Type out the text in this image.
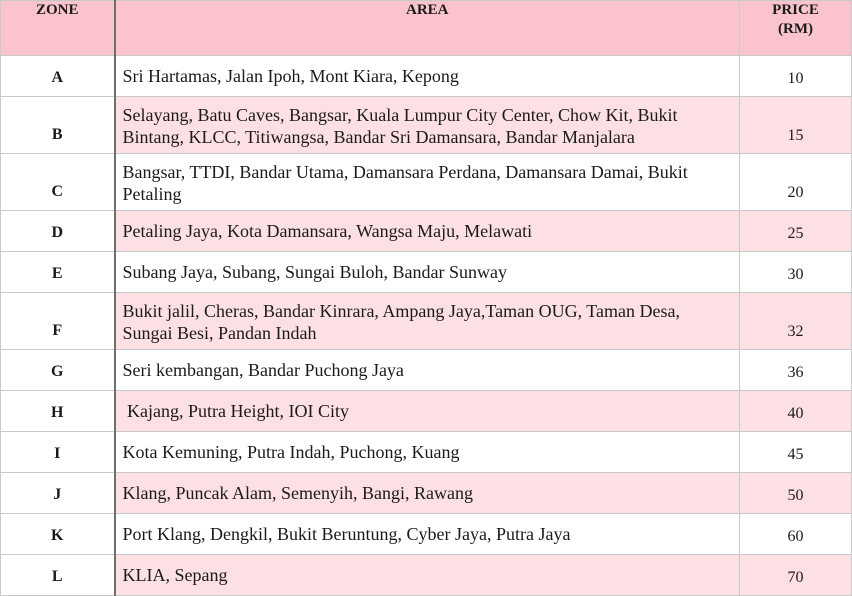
ZONE	AREA	PRICE
(RM)

A	Sri Hartamas, Jalan Ipoh, Mont Kiara, Kepong	10
B	Selayang, Batu Caves, Bangsar, Kuala Lumpur City Center, Chow Kit, Bukit Bintang, KLCC, Titiwangsa, Bandar Sri Damansara, Bandar Manjalara	15
C	Bangsar, TTDI, Bandar Utama, Damansara Perdana, Damansara Damai, Bukit Petaling	20
D	Petaling Jaya, Kota Damansara, Wangsa Maju, Melawati	25
E	Subang Jaya, Subang, Sungai Buloh, Bandar Sunway	30
F	Bukit jalil, Cheras, Bandar Kinrara, Ampang Jaya,Taman OUG, Taman Desa, Sungai Besi, Pandan Indah	32
G	Seri kembangan, Bandar Puchong Jaya	36
H	Kajang, Putra Height, IOI City	40
I	Kota Kemuning, Putra Indah, Puchong, Kuang	45
J	Klang, Puncak Alam, Semenyih, Bangi, Rawang	50
K	Port Klang, Dengkil, Bukit Beruntung, Cyber Jaya, Putra Jaya	60
L	KLIA, Sepang	70
